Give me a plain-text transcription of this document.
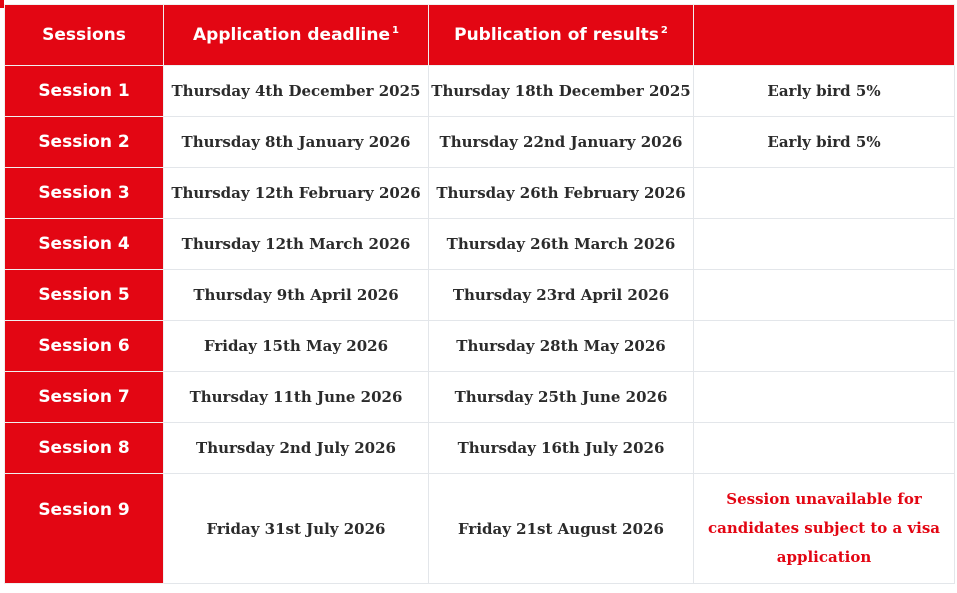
Sessions	Application deadline $^1$	Publication of results $^2$	
Session 1	Thursday 4th December 2025	Thursday 18th December 2025	Early bird 5%
Session 2	Thursday 8th January 2026	Thursday 22nd January 2026	Early bird 5%
Session 3	Thursday 12th February 2026	Thursday 26th February 2026	
Session 4	Thursday 12th March 2026	Thursday 26th March 2026	
Session 5	Thursday 9th April 2026	Thursday 23rd April 2026	
Session 6	Friday 15th May 2026	Thursday 28th May 2026	
Session 7	Thursday 11th June 2026	Thursday 25th June 2026	
Session 8	Thursday 2nd July 2026	Thursday 16th July 2026	
Session 9	Friday 31st July 2026	Friday 21st August 2026	Session unavailable for candidates subject to a visa application
